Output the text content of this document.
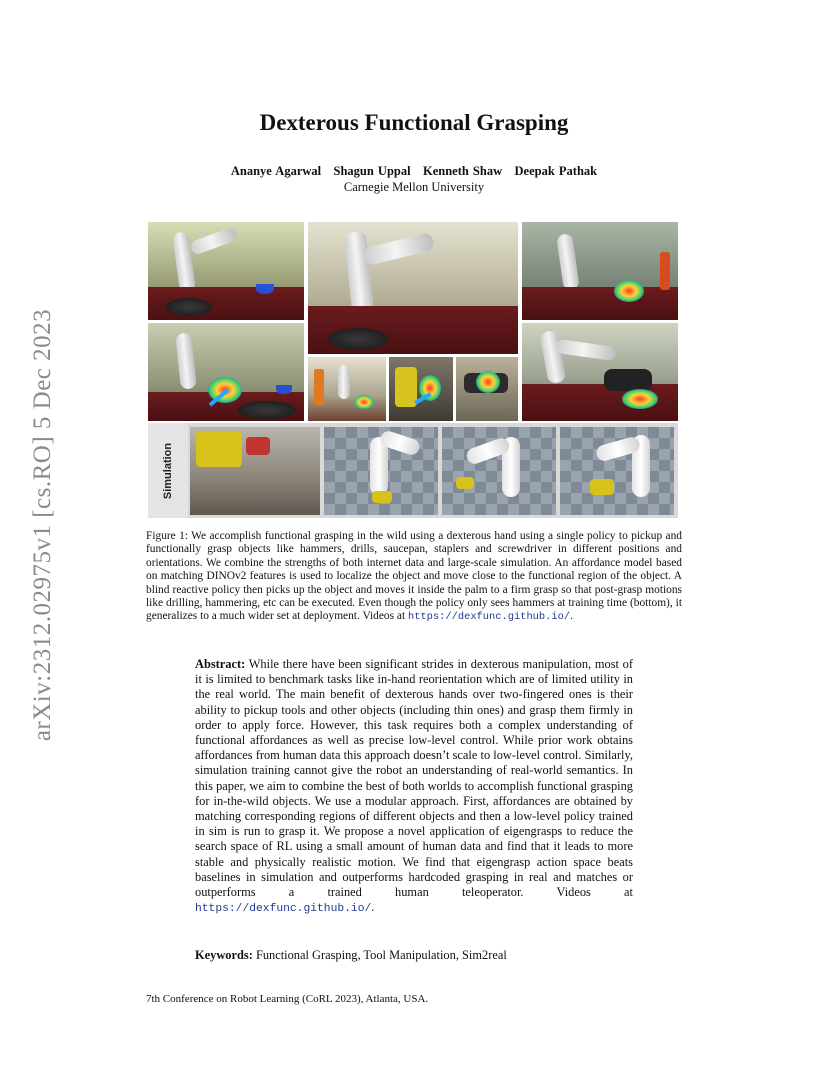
arXiv:2312.02975v1 [cs.RO] 5 Dec 2023
Dexterous Functional Grasping
Ananye Agarwal Shagun Uppal Kenneth Shaw Deepak Pathak
Carnegie Mellon University
Simulation
Figure 1: We accomplish functional grasping in the wild using a dexterous hand using a single policy to pickup and functionally grasp objects like hammers, drills, saucepan, staplers and screwdriver in different positions and orientations. We combine the strengths of both internet data and large-scale simulation. An affordance model based on matching DINOv2 features is used to localize the object and move close to the functional region of the object. A blind reactive policy then picks up the object and moves it inside the palm to a firm grasp so that post-grasp motions like drilling, hammering, etc can be executed. Even though the policy only sees hammers at training time (bottom), it generalizes to a much wider set at deployment. Videos at https://dexfunc.github.io/.
Abstract: While there have been significant strides in dexterous manipulation, most of it is limited to benchmark tasks like in-hand reorientation which are of limited utility in the real world. The main benefit of dexterous hands over two-fingered ones is their ability to pickup tools and other objects (including thin ones) and grasp them firmly in order to apply force. However, this task requires both a complex understanding of functional affordances as well as precise low-level control. While prior work obtains affordances from human data this approach doesn’t scale to low-level control. Similarly, simulation training cannot give the robot an understanding of real-world semantics. In this paper, we aim to combine the best of both worlds to accomplish functional grasping for in-the-wild objects. We use a modular approach. First, affordances are obtained by matching corresponding regions of different objects and then a low-level policy trained in sim is run to grasp it. We propose a novel application of eigengrasps to reduce the search space of RL using a small amount of human data and find that it leads to more stable and physically realistic motion. We find that eigengrasp action space beats baselines in simulation and outperforms hardcoded grasping in real and matches or outperforms a trained human teleoperator. Videos at https://dexfunc.github.io/.
Keywords: Functional Grasping, Tool Manipulation, Sim2real
7th Conference on Robot Learning (CoRL 2023), Atlanta, USA.
